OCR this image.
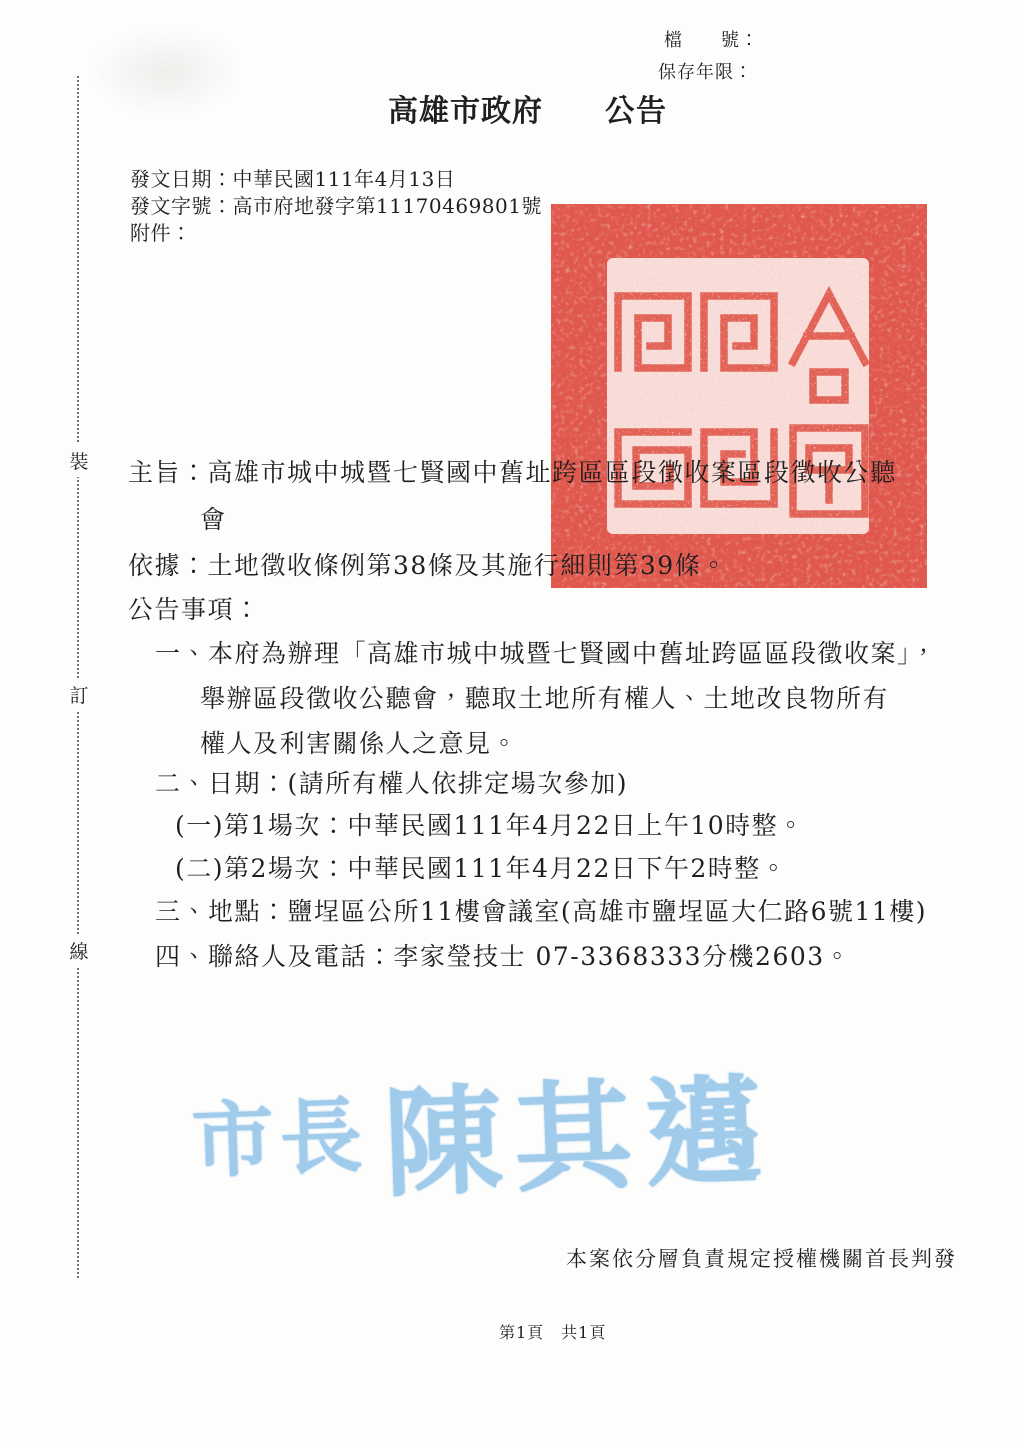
裝
訂
線
檔　　號：
保存年限：
高雄市政府　　公告
發文日期：中華民國111年4月13日
發文字號：高市府地發字第11170469801號
附件：
主旨：高雄市城中城暨七賢國中舊址跨區區段徵收案區段徵收公聽
會
依據：土地徵收條例第38條及其施行細則第39條。
公告事項：
一、本府為辦理「高雄市城中城暨七賢國中舊址跨區區段徵收案」，
舉辦區段徵收公聽會，聽取土地所有權人、土地改良物所有
權人及利害關係人之意見。
二、日期：(請所有權人依排定場次參加)
(一)第1場次：中華民國111年4月22日上午10時整。
(二)第2場次：中華民國111年4月22日下午2時整。
三、地點：鹽埕區公所11樓會議室(高雄市鹽埕區大仁路6號11樓)
四、聯絡人及電話：李家瑩技士 07-3368333分機2603。
市長 陳其邁
本案依分層負責規定授權機關首長判發
第1頁　共1頁
